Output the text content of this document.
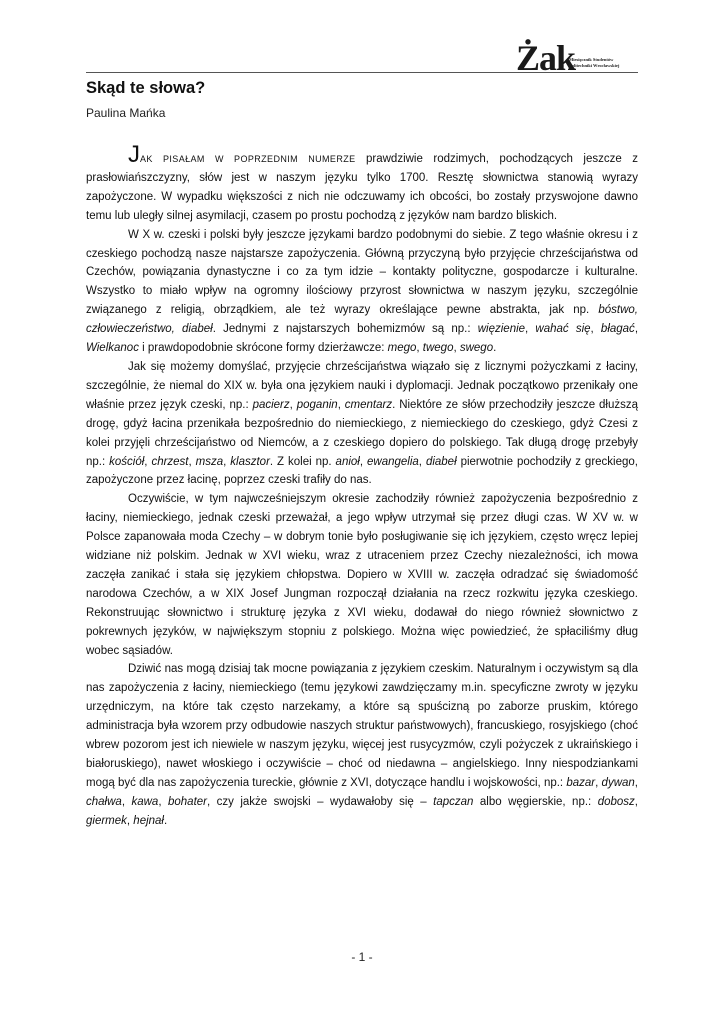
Żak
Miesięcznik Studentów
Politechniki Wrocławskiej
Skąd te słowa?
Paulina Mańka

JAK PISAŁAM W POPRZEDNIM NUMERZE prawdziwie rodzimych, pochodzących jeszcze z prasłowiańszczyzny, słów jest w naszym języku tylko 1700. Resztę słownictwa stanowią wyrazy zapożyczone. W wypadku większości z nich nie odczuwamy ich obcości, bo zostały przyswojone dawno temu lub uległy silnej asymilacji, czasem po prostu pochodzą z języków nam bardzo bliskich.

W X w. czeski i polski były jeszcze językami bardzo podobnymi do siebie. Z tego właśnie okresu i z czeskiego pochodzą nasze najstarsze zapożyczenia. Główną przyczyną było przyjęcie chrześcijaństwa od Czechów, powiązania dynastyczne i co za tym idzie – kontakty polityczne, gospodarcze i kulturalne. Wszystko to miało wpływ na ogromny ilościowy przyrost słownictwa w naszym języku, szczególnie związanego z religią, obrządkiem, ale też wyrazy określające pewne abstrakta, jak np. bóstwo, człowieczeństwo, diabeł. Jednymi z najstarszych bohemizmów są np.: więzienie, wahać się, błagać, Wielkanoc i prawdopodobnie skrócone formy dzierżawcze: mego, twego, swego.

Jak się możemy domyślać, przyjęcie chrześcijaństwa wiązało się z licznymi pożyczkami z łaciny, szczególnie, że niemal do XIX w. była ona językiem nauki i dyplomacji. Jednak początkowo przenikały one właśnie przez język czeski, np.: pacierz, poganin, cmentarz. Niektóre ze słów przechodziły jeszcze dłuższą drogę, gdyż łacina przenikała bezpośrednio do niemieckiego, z niemieckiego do czeskiego, gdyż Czesi z kolei przyjęli chrześcijaństwo od Niemców, a z czeskiego dopiero do polskiego. Tak długą drogę przebyły np.: kościół, chrzest, msza, klasztor. Z kolei np. anioł, ewangelia, diabeł pierwotnie pochodziły z greckiego, zapożyczone przez łacinę, poprzez czeski trafiły do nas.

Oczywiście, w tym najwcześniejszym okresie zachodziły również zapożyczenia bezpośrednio z łaciny, niemieckiego, jednak czeski przeważał, a jego wpływ utrzymał się przez długi czas. W XV w. w Polsce zapanowała moda Czechy – w dobrym tonie było posługiwanie się ich językiem, często wręcz lepiej widziane niż polskim. Jednak w XVI wieku, wraz z utraceniem przez Czechy niezależności, ich mowa zaczęła zanikać i stała się językiem chłopstwa. Dopiero w XVIII w. zaczęła odradzać się świadomość narodowa Czechów, a w XIX Josef Jungman rozpoczął działania na rzecz rozkwitu języka czeskiego. Rekonstruując słownictwo i strukturę języka z XVI wieku, dodawał do niego również słownictwo z pokrewnych języków, w największym stopniu z polskiego. Można więc powiedzieć, że spłaciliśmy dług wobec sąsiadów.

Dziwić nas mogą dzisiaj tak mocne powiązania z językiem czeskim. Naturalnym i oczywistym są dla nas zapożyczenia z łaciny, niemieckiego (temu językowi zawdzięczamy m.in. specyficzne zwroty w języku urzędniczym, na które tak często narzekamy, a które są spuścizną po zaborze pruskim, którego administracja była wzorem przy odbudowie naszych struktur państwowych), francuskiego, rosyjskiego (choć wbrew pozorom jest ich niewiele w naszym języku, więcej jest rusycyzmów, czyli pożyczek z ukraińskiego i białoruskiego), nawet włoskiego i oczywiście – choć od niedawna – angielskiego. Inny niespodziankami mogą być dla nas zapożyczenia tureckie, głównie z XVI, dotyczące handlu i wojskowości, np.: bazar, dywan, chałwa, kawa, bohater, czy jakże swojski – wydawałoby się – tapczan albo węgierskie, np.: dobosz, giermek, hejnał.

- 1 -
